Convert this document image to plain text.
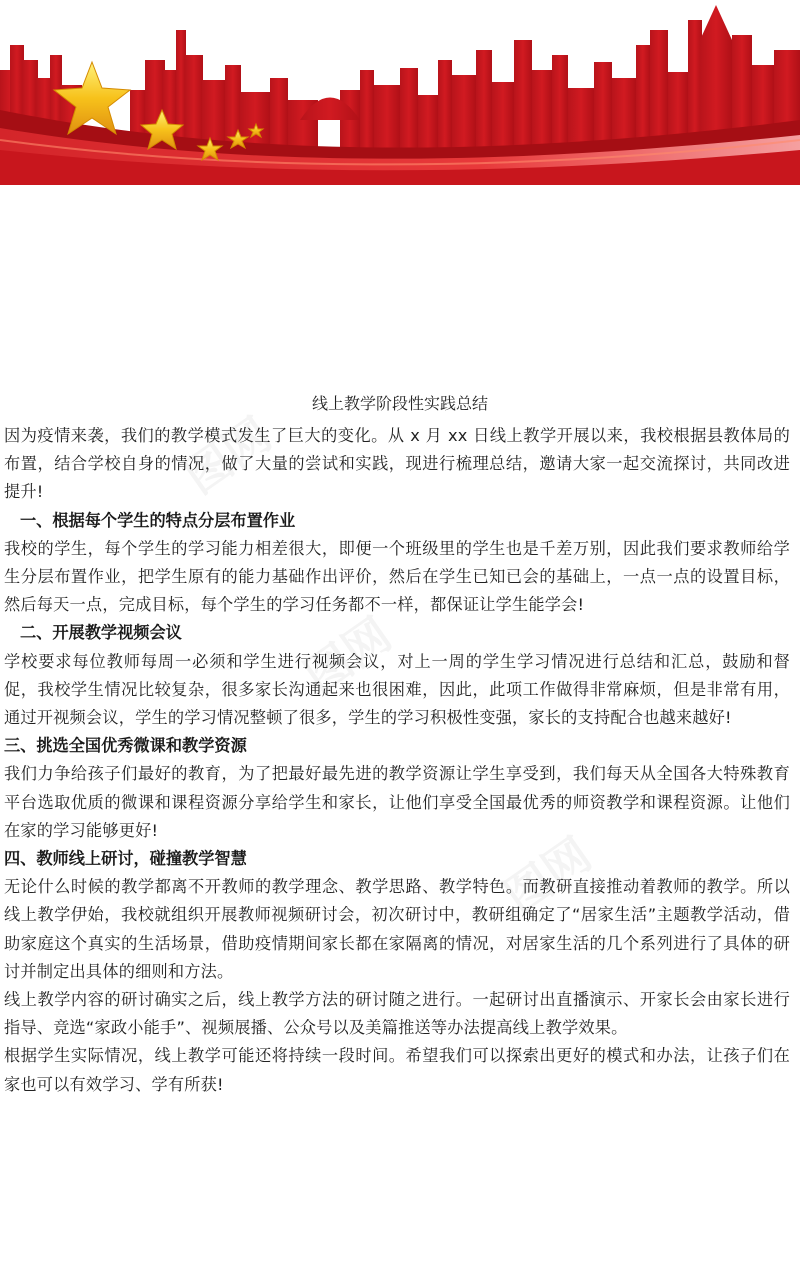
图网
图网
图网
线上教学阶段性实践总结

因为疫情来袭，我们的教学模式发生了巨大的变化。从 x 月 xx 日线上教学开展以来，我校根据县教体局的布置，结合学校自身的情况，做了大量的尝试和实践，现进行梳理总结，邀请大家一起交流探讨，共同改进提升!

一、根据每个学生的特点分层布置作业

我校的学生，每个学生的学习能力相差很大，即便一个班级里的学生也是千差万别，因此我们要求教师给学生分层布置作业，把学生原有的能力基础作出评价，然后在学生已知已会的基础上，一点一点的设置目标，然后每天一点，完成目标，每个学生的学习任务都不一样，都保证让学生能学会!

二、开展教学视频会议

学校要求每位教师每周一必须和学生进行视频会议，对上一周的学生学习情况进行总结和汇总，鼓励和督促，我校学生情况比较复杂，很多家长沟通起来也很困难，因此，此项工作做得非常麻烦，但是非常有用，通过开视频会议，学生的学习情况整顿了很多，学生的学习积极性变强，家长的支持配合也越来越好!

三、挑选全国优秀微课和教学资源

我们力争给孩子们最好的教育，为了把最好最先进的教学资源让学生享受到，我们每天从全国各大特殊教育平台选取优质的微课和课程资源分享给学生和家长，让他们享受全国最优秀的师资教学和课程资源。让他们在家的学习能够更好!

四、教师线上研讨，碰撞教学智慧

无论什么时候的教学都离不开教师的教学理念、教学思路、教学特色。而教研直接推动着教师的教学。所以线上教学伊始，我校就组织开展教师视频研讨会，初次研讨中，教研组确定了“居家生活”主题教学活动，借助家庭这个真实的生活场景，借助疫情期间家长都在家隔离的情况，对居家生活的几个系列进行了具体的研讨并制定出具体的细则和方法。

线上教学内容的研讨确实之后，线上教学方法的研讨随之进行。一起研讨出直播演示、开家长会由家长进行指导、竞选“家政小能手”、视频展播、公众号以及美篇推送等办法提高线上教学效果。

根据学生实际情况，线上教学可能还将持续一段时间。希望我们可以探索出更好的模式和办法，让孩子们在家也可以有效学习、学有所获!
